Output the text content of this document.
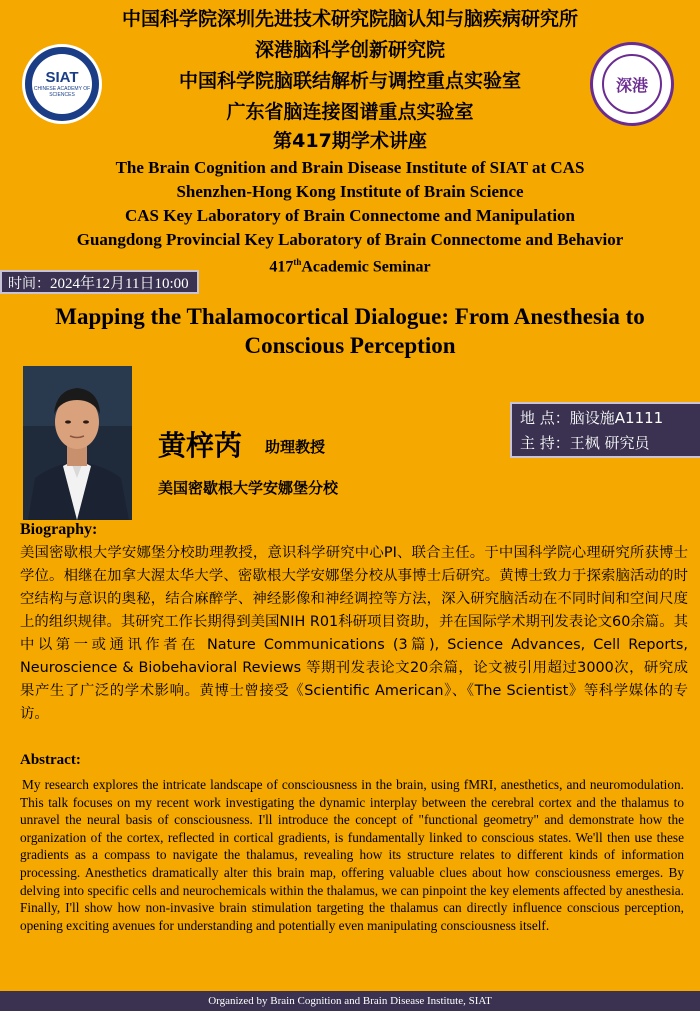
中国科学院深圳先进技术研究院脑认知与脑疾病研究所
深港脑科学创新研究院
中国科学院脑联结解析与调控重点实验室
广东省脑连接图谱重点实验室
第417期学术讲座
The Brain Cognition and Brain Disease Institute of SIAT at CAS
Shenzhen-Hong Kong Institute of Brain Science
CAS Key Laboratory of Brain Connectome and Manipulation
Guangdong Provincial Key Laboratory of Brain Connectome and Behavior
417thAcademic Seminar
SIAT
CHINESE ACADEMY OF SCIENCES
深港
时间：2024年12月11日10:00
Mapping the Thalamocortical Dialogue: From Anesthesia to Conscious Perception
黄梓芮 助理教授
美国密歇根大学安娜堡分校
地 点：脑设施A1111
主 持：王枫 研究员
Biography:
美国密歇根大学安娜堡分校助理教授，意识科学研究中心PI、联合主任。于中国科学院心理研究所获博士学位。相继在加拿大渥太华大学、密歇根大学安娜堡分校从事博士后研究。黄博士致力于探索脑活动的时空结构与意识的奥秘，结合麻醉学、神经影像和神经调控等方法，深入研究脑活动在不同时间和空间尺度上的组织规律。其研究工作长期得到美国NIH R01科研项目资助，并在国际学术期刊发表论文60余篇。其中以第一或通讯作者在 Nature Communications (3篇), Science Advances, Cell Reports, Neuroscience & Biobehavioral Reviews 等期刊发表论文20余篇，论文被引用超过3000次，研究成果产生了广泛的学术影响。黄博士曾接受《Scientific American》、《The Scientist》等科学媒体的专访。
Abstract:
My research explores the intricate landscape of consciousness in the brain, using fMRI, anesthetics, and neuromodulation. This talk focuses on my recent work investigating the dynamic interplay between the cerebral cortex and the thalamus to unravel the neural basis of consciousness. I'll introduce the concept of "functional geometry" and demonstrate how the organization of the cortex, reflected in cortical gradients, is fundamentally linked to conscious states. We'll then use these gradients as a compass to navigate the thalamus, revealing how its structure relates to different kinds of information processing. Anesthetics dramatically alter this brain map, offering valuable clues about how consciousness emerges. By delving into specific cells and neurochemicals within the thalamus, we can pinpoint the key elements affected by anesthesia. Finally, I'll show how non-invasive brain stimulation targeting the thalamus can directly influence conscious perception, opening exciting avenues for understanding and potentially even manipulating consciousness itself.
Organized by Brain Cognition and Brain Disease Institute, SIAT
